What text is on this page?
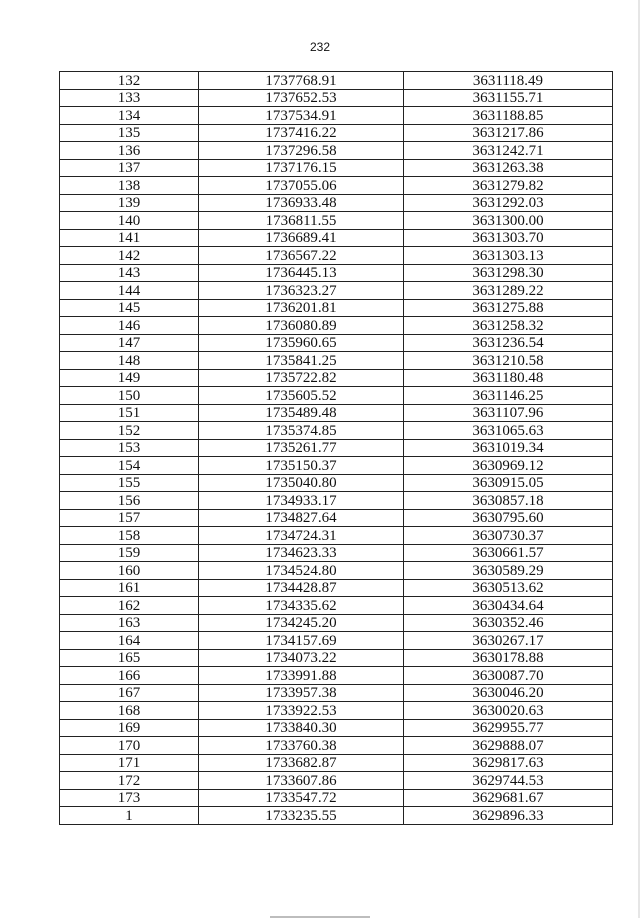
232
132	1737768.91	3631118.49
133	1737652.53	3631155.71
134	1737534.91	3631188.85
135	1737416.22	3631217.86
136	1737296.58	3631242.71
137	1737176.15	3631263.38
138	1737055.06	3631279.82
139	1736933.48	3631292.03
140	1736811.55	3631300.00
141	1736689.41	3631303.70
142	1736567.22	3631303.13
143	1736445.13	3631298.30
144	1736323.27	3631289.22
145	1736201.81	3631275.88
146	1736080.89	3631258.32
147	1735960.65	3631236.54
148	1735841.25	3631210.58
149	1735722.82	3631180.48
150	1735605.52	3631146.25
151	1735489.48	3631107.96
152	1735374.85	3631065.63
153	1735261.77	3631019.34
154	1735150.37	3630969.12
155	1735040.80	3630915.05
156	1734933.17	3630857.18
157	1734827.64	3630795.60
158	1734724.31	3630730.37
159	1734623.33	3630661.57
160	1734524.80	3630589.29
161	1734428.87	3630513.62
162	1734335.62	3630434.64
163	1734245.20	3630352.46
164	1734157.69	3630267.17
165	1734073.22	3630178.88
166	1733991.88	3630087.70
167	1733957.38	3630046.20
168	1733922.53	3630020.63
169	1733840.30	3629955.77
170	1733760.38	3629888.07
171	1733682.87	3629817.63
172	1733607.86	3629744.53
173	1733547.72	3629681.67
1	1733235.55	3629896.33
